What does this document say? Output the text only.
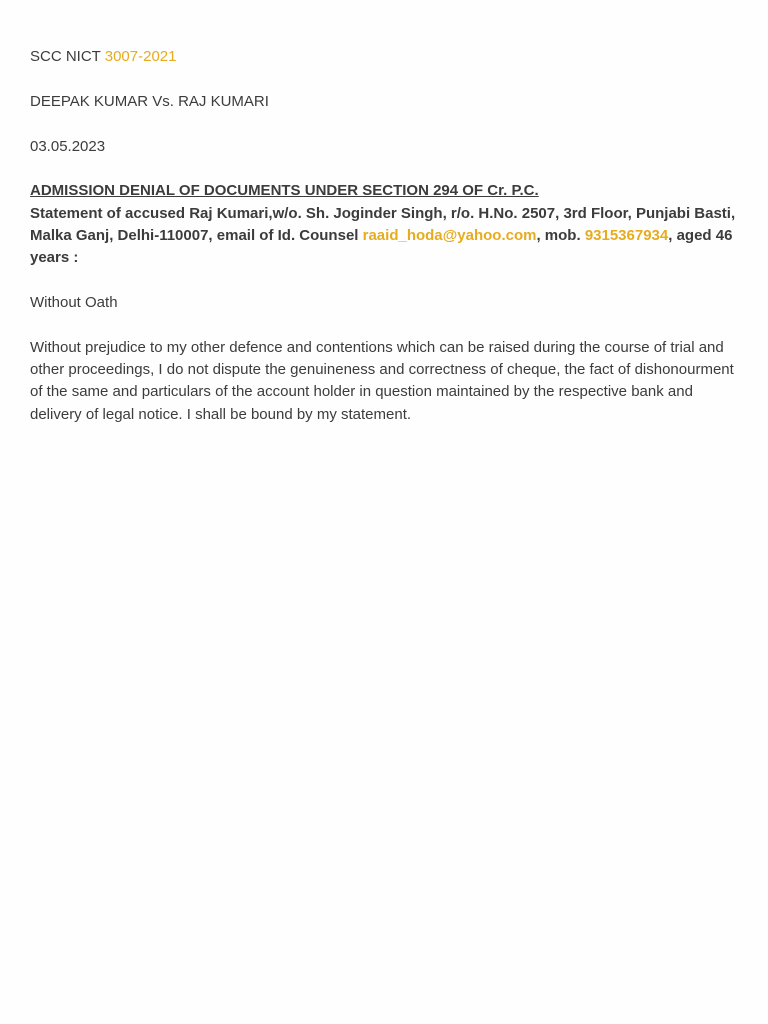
SCC NICT 3007-2021

DEEPAK KUMAR Vs. RAJ KUMARI

03.05.2023

ADMISSION DENIAL OF DOCUMENTS UNDER SECTION 294 OF Cr. P.C.

Statement of accused Raj Kumari,w/o. Sh. Joginder Singh, r/o. H.No. 2507, 3rd Floor, Punjabi Basti, Malka Ganj, Delhi-110007, email of Id. Counsel raaid_hoda@yahoo.com, mob. 9315367934, aged 46 years :

Without Oath

Without prejudice to my other defence and contentions which can be raised during the course of trial and other proceedings, I do not dispute the genuineness and correctness of cheque, the fact of dishonourment of the same and particulars of the account holder in question maintained by the respective bank and delivery of legal notice. I shall be bound by my statement.
